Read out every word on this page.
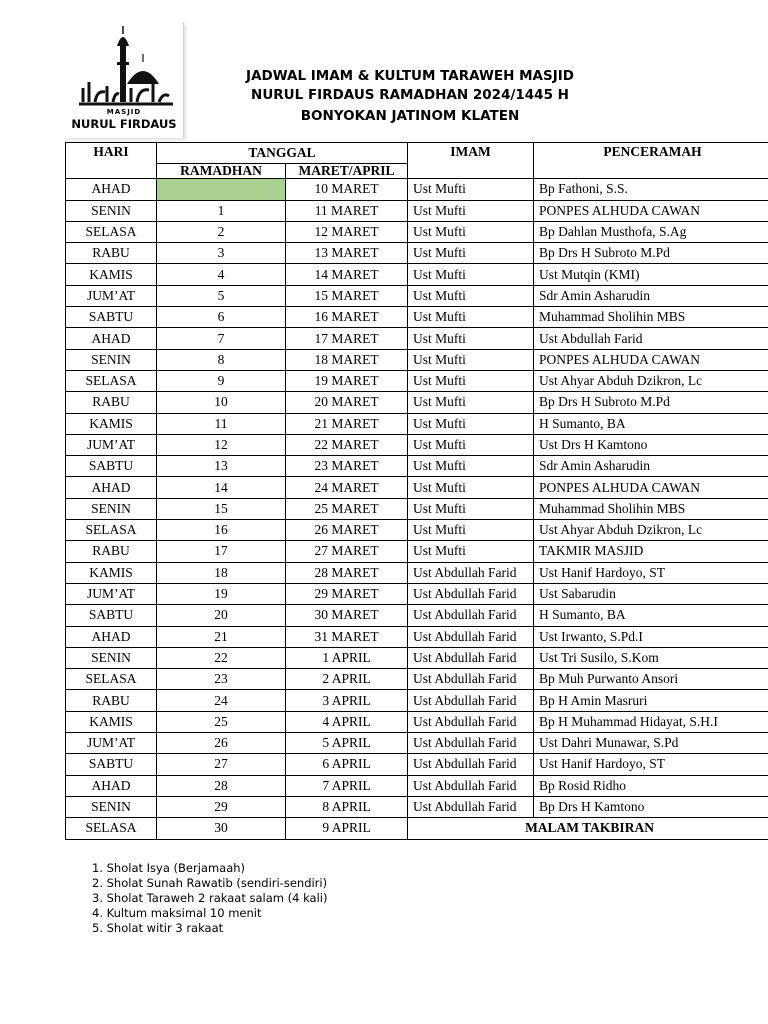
نور الفردوس
MASJID
NURUL FIRDAUS
JADWAL IMAM & KULTUM TARAWEH MASJID
NURUL FIRDAUS RAMADHAN 2024/1445 H
BONYOKAN JATINOM KLATEN
HARI	TANGGAL		IMAM	PENCERAMAH
	RAMADHAN	MARET/APRIL		
AHAD		10 MARET	Ust Mufti	Bp Fathoni, S.S.
SENIN	1	11 MARET	Ust Mufti	PONPES ALHUDA CAWAN
SELASA	2	12 MARET	Ust Mufti	Bp Dahlan Musthofa, S.Ag
RABU	3	13 MARET	Ust Mufti	Bp Drs H Subroto M.Pd
KAMIS	4	14 MARET	Ust Mufti	Ust Mutqin (KMI)
JUM’AT	5	15 MARET	Ust Mufti	Sdr Amin Asharudin
SABTU	6	16 MARET	Ust Mufti	Muhammad Sholihin MBS
AHAD	7	17 MARET	Ust Mufti	Ust Abdullah Farid
SENIN	8	18 MARET	Ust Mufti	PONPES ALHUDA CAWAN
SELASA	9	19 MARET	Ust Mufti	Ust Ahyar Abduh Dzikron, Lc
RABU	10	20 MARET	Ust Mufti	Bp Drs H Subroto M.Pd
KAMIS	11	21 MARET	Ust Mufti	H Sumanto, BA
JUM’AT	12	22 MARET	Ust Mufti	Ust Drs H Kamtono
SABTU	13	23 MARET	Ust Mufti	Sdr Amin Asharudin
AHAD	14	24 MARET	Ust Mufti	PONPES ALHUDA CAWAN
SENIN	15	25 MARET	Ust Mufti	Muhammad Sholihin MBS
SELASA	16	26 MARET	Ust Mufti	Ust Ahyar Abduh Dzikron, Lc
RABU	17	27 MARET	Ust Mufti	TAKMIR MASJID
KAMIS	18	28 MARET	Ust Abdullah Farid	Ust Hanif Hardoyo, ST
JUM’AT	19	29 MARET	Ust Abdullah Farid	Ust Sabarudin
SABTU	20	30 MARET	Ust Abdullah Farid	H Sumanto, BA
AHAD	21	31 MARET	Ust Abdullah Farid	Ust Irwanto, S.Pd.I
SENIN	22	1 APRIL	Ust Abdullah Farid	Ust Tri Susilo, S.Kom
SELASA	23	2 APRIL	Ust Abdullah Farid	Bp Muh Purwanto Ansori
RABU	24	3 APRIL	Ust Abdullah Farid	Bp H Amin Masruri
KAMIS	25	4 APRIL	Ust Abdullah Farid	Bp H Muhammad Hidayat, S.H.I
JUM’AT	26	5 APRIL	Ust Abdullah Farid	Ust Dahri Munawar, S.Pd
SABTU	27	6 APRIL	Ust Abdullah Farid	Ust Hanif Hardoyo, ST
AHAD	28	7 APRIL	Ust Abdullah Farid	Bp Rosid Ridho
SENIN	29	8 APRIL	Ust Abdullah Farid	Bp Drs H Kamtono
SELASA	30	9 APRIL	MALAM TAKBIRAN	
1. Sholat Isya (Berjamaah)
2. Sholat Sunah Rawatib (sendiri-sendiri)
3. Sholat Taraweh 2 rakaat salam (4 kali)
4. Kultum maksimal 10 menit
5. Sholat witir 3 rakaat
